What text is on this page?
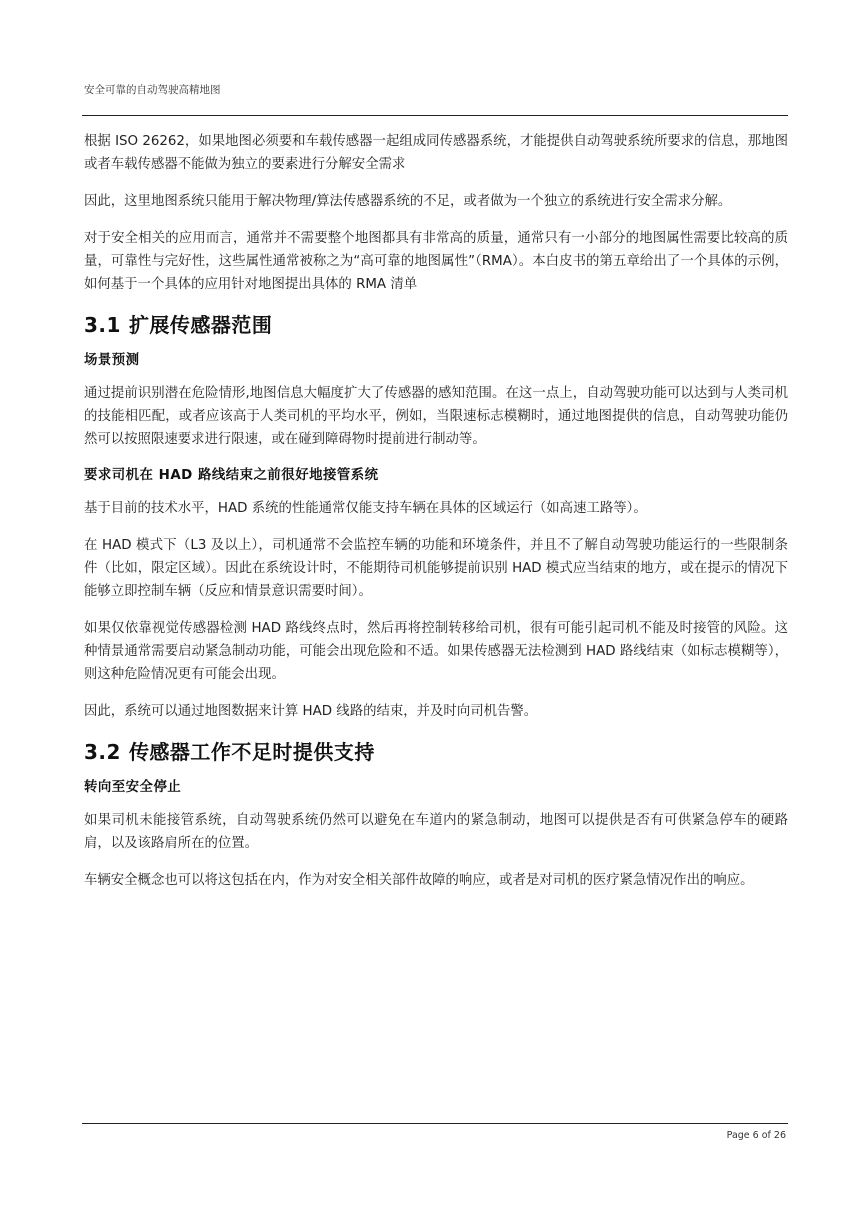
安全可靠的自动驾驶高精地图

根据 ISO 26262，如果地图必须要和车载传感器一起组成同传感器系统，才能提供自动驾驶系统所要求的信息，那地图或者车载传感器不能做为独立的要素进行分解安全需求

因此，这里地图系统只能用于解决物理/算法传感器系统的不足，或者做为一个独立的系统进行安全需求分解。

对于安全相关的应用而言，通常并不需要整个地图都具有非常高的质量，通常只有一小部分的地图属性需要比较高的质量，可靠性与完好性，这些属性通常被称之为“高可靠的地图属性”（RMA）。本白皮书的第五章给出了一个具体的示例，如何基于一个具体的应用针对地图提出具体的 RMA 清单

3.1 扩展传感器范围
场景预测

通过提前识别潜在危险情形,地图信息大幅度扩大了传感器的感知范围。在这一点上，自动驾驶功能可以达到与人类司机的技能相匹配，或者应该高于人类司机的平均水平，例如，当限速标志模糊时，通过地图提供的信息，自动驾驶功能仍然可以按照限速要求进行限速，或在碰到障碍物时提前进行制动等。

要求司机在 HAD 路线结束之前很好地接管系统

基于目前的技术水平，HAD 系统的性能通常仅能支持车辆在具体的区域运行（如高速工路等）。

在 HAD 模式下（L3 及以上），司机通常不会监控车辆的功能和环境条件，并且不了解自动驾驶功能运行的一些限制条件（比如，限定区域）。因此在系统设计时，不能期待司机能够提前识别 HAD 模式应当结束的地方，或在提示的情况下能够立即控制车辆（反应和情景意识需要时间）。

如果仅依靠视觉传感器检测 HAD 路线终点时，然后再将控制转移给司机，很有可能引起司机不能及时接管的风险。这种情景通常需要启动紧急制动功能，可能会出现危险和不适。如果传感器无法检测到 HAD 路线结束（如标志模糊等），则这种危险情况更有可能会出现。

因此，系统可以通过地图数据来计算 HAD 线路的结束，并及时向司机告警。

3.2 传感器工作不足时提供支持
转向至安全停止

如果司机未能接管系统，自动驾驶系统仍然可以避免在车道内的紧急制动，地图可以提供是否有可供紧急停车的硬路肩，以及该路肩所在的位置。

车辆安全概念也可以将这包括在内，作为对安全相关部件故障的响应，或者是对司机的医疗紧急情况作出的响应。

Page 6 of 26
